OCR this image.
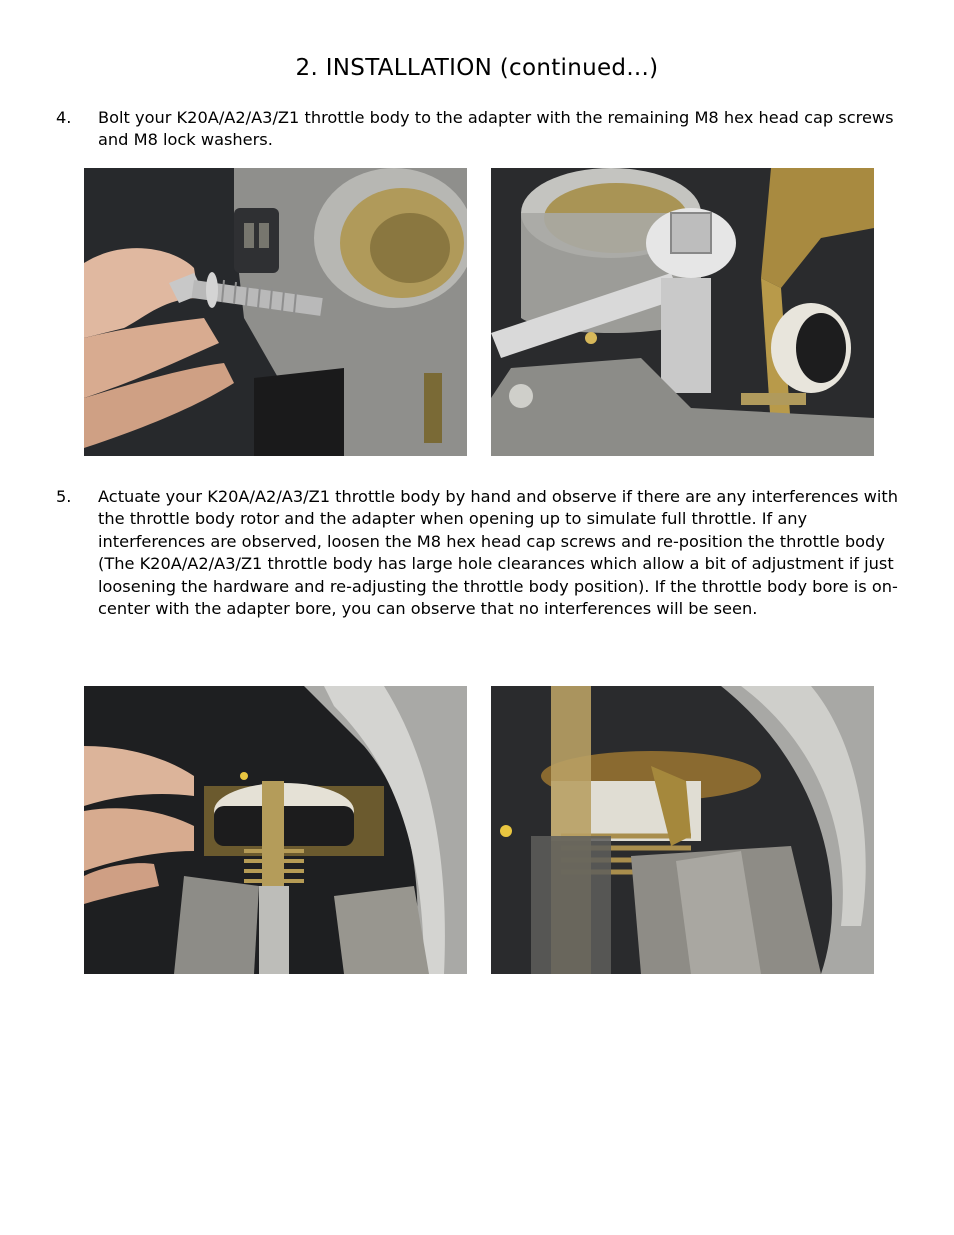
2. INSTALLATION (continued...)
4. Bolt your K20A/A2/A3/Z1 throttle body to the adapter with the remaining M8 hex head cap screws and M8 lock washers.
5. Actuate your K20A/A2/A3/Z1 throttle body by hand and observe if there are any interferences with the throttle body rotor and the adapter when opening up to simulate full throttle. If any interferences are observed, loosen the M8 hex head cap screws and re-position the throttle body (The K20A/A2/A3/Z1 throttle body has large hole clearances which allow a bit of adjustment if just loosening the hardware and re-adjusting the throttle body position). If the throttle body bore is on-center with the adapter bore, you can observe that no interferences will be seen.
